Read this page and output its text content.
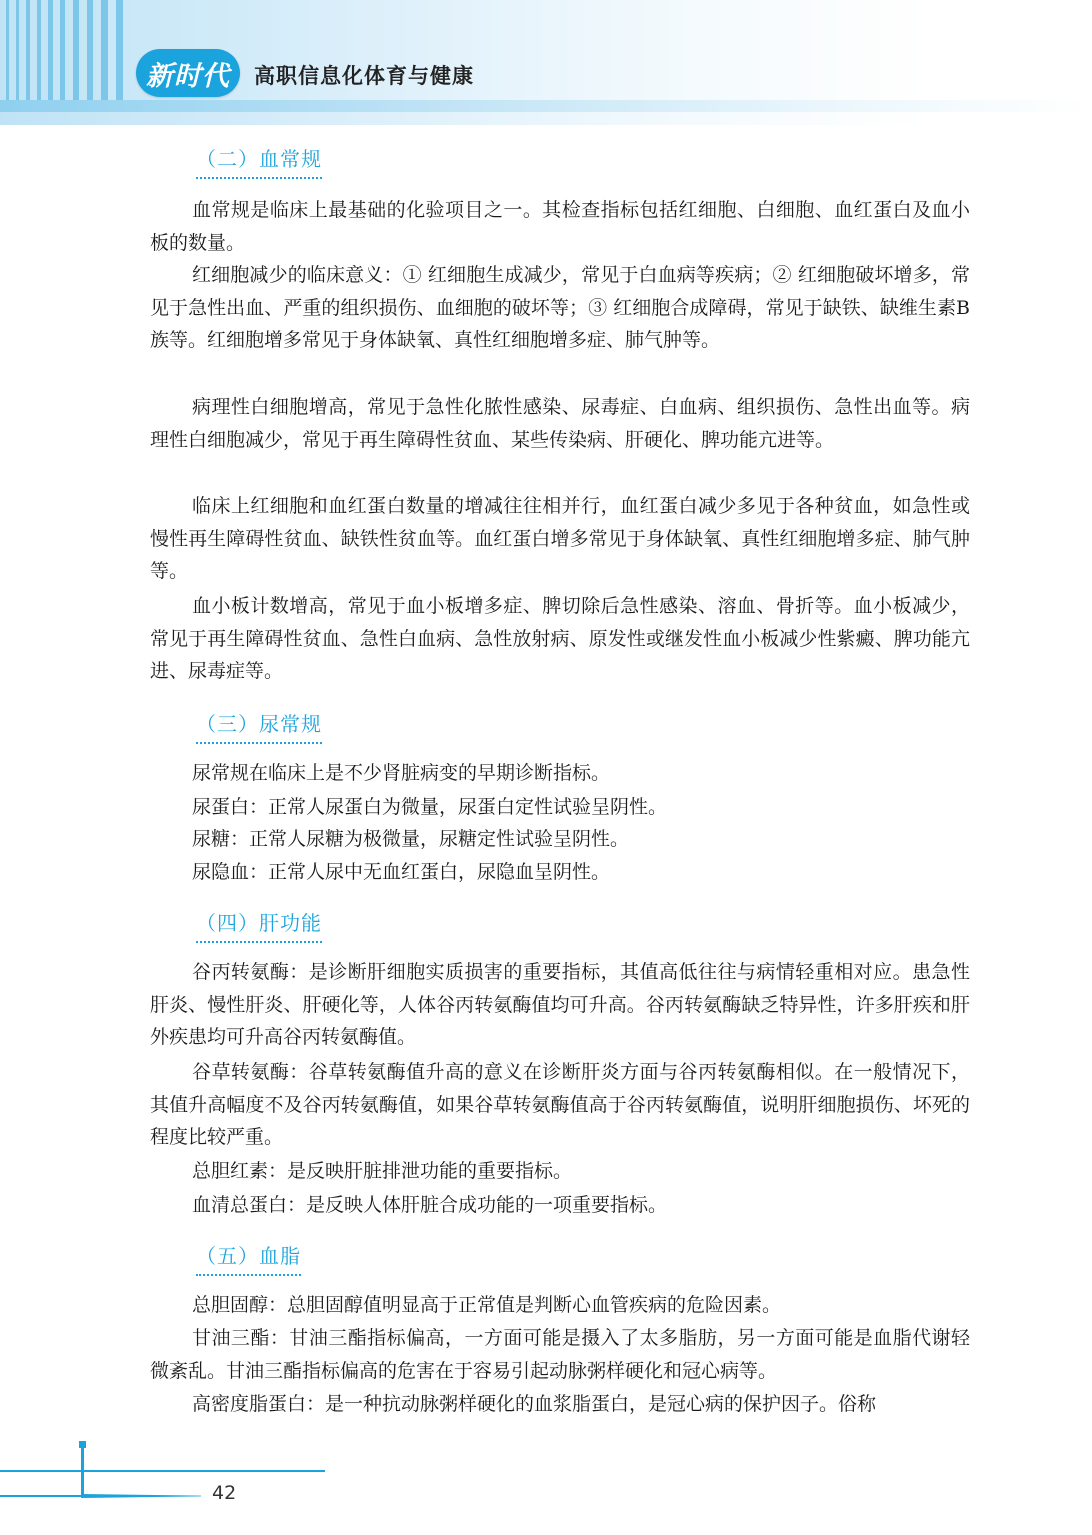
新时代 高职信息化体育与健康
（二）血常规

血常规是临床上最基础的化验项目之一。其检查指标包括红细胞、白细胞、血红蛋白及血小板的数量。

红细胞减少的临床意义：① 红细胞生成减少，常见于白血病等疾病；② 红细胞破坏增多，常见于急性出血、严重的组织损伤、血细胞的破坏等；③ 红细胞合成障碍，常见于缺铁、缺维生素B族等。红细胞增多常见于身体缺氧、真性红细胞增多症、肺气肿等。

病理性白细胞增高，常见于急性化脓性感染、尿毒症、白血病、组织损伤、急性出血等。病理性白细胞减少，常见于再生障碍性贫血、某些传染病、肝硬化、脾功能亢进等。

临床上红细胞和血红蛋白数量的增减往往相并行，血红蛋白减少多见于各种贫血，如急性或慢性再生障碍性贫血、缺铁性贫血等。血红蛋白增多常见于身体缺氧、真性红细胞增多症、肺气肿等。

血小板计数增高，常见于血小板增多症、脾切除后急性感染、溶血、骨折等。血小板减少，常见于再生障碍性贫血、急性白血病、急性放射病、原发性或继发性血小板减少性紫癜、脾功能亢进、尿毒症等。

（三）尿常规

尿常规在临床上是不少肾脏病变的早期诊断指标。

尿蛋白：正常人尿蛋白为微量，尿蛋白定性试验呈阴性。

尿糖：正常人尿糖为极微量，尿糖定性试验呈阴性。

尿隐血：正常人尿中无血红蛋白，尿隐血呈阴性。

（四）肝功能

谷丙转氨酶：是诊断肝细胞实质损害的重要指标，其值高低往往与病情轻重相对应。患急性肝炎、慢性肝炎、肝硬化等，人体谷丙转氨酶值均可升高。谷丙转氨酶缺乏特异性，许多肝疾和肝外疾患均可升高谷丙转氨酶值。

谷草转氨酶：谷草转氨酶值升高的意义在诊断肝炎方面与谷丙转氨酶相似。在一般情况下，其值升高幅度不及谷丙转氨酶值，如果谷草转氨酶值高于谷丙转氨酶值，说明肝细胞损伤、坏死的程度比较严重。

总胆红素：是反映肝脏排泄功能的重要指标。

血清总蛋白：是反映人体肝脏合成功能的一项重要指标。

（五）血脂

总胆固醇：总胆固醇值明显高于正常值是判断心血管疾病的危险因素。

甘油三酯：甘油三酯指标偏高，一方面可能是摄入了太多脂肪，另一方面可能是血脂代谢轻微紊乱。甘油三酯指标偏高的危害在于容易引起动脉粥样硬化和冠心病等。

高密度脂蛋白：是一种抗动脉粥样硬化的血浆脂蛋白，是冠心病的保护因子。俗称

42
